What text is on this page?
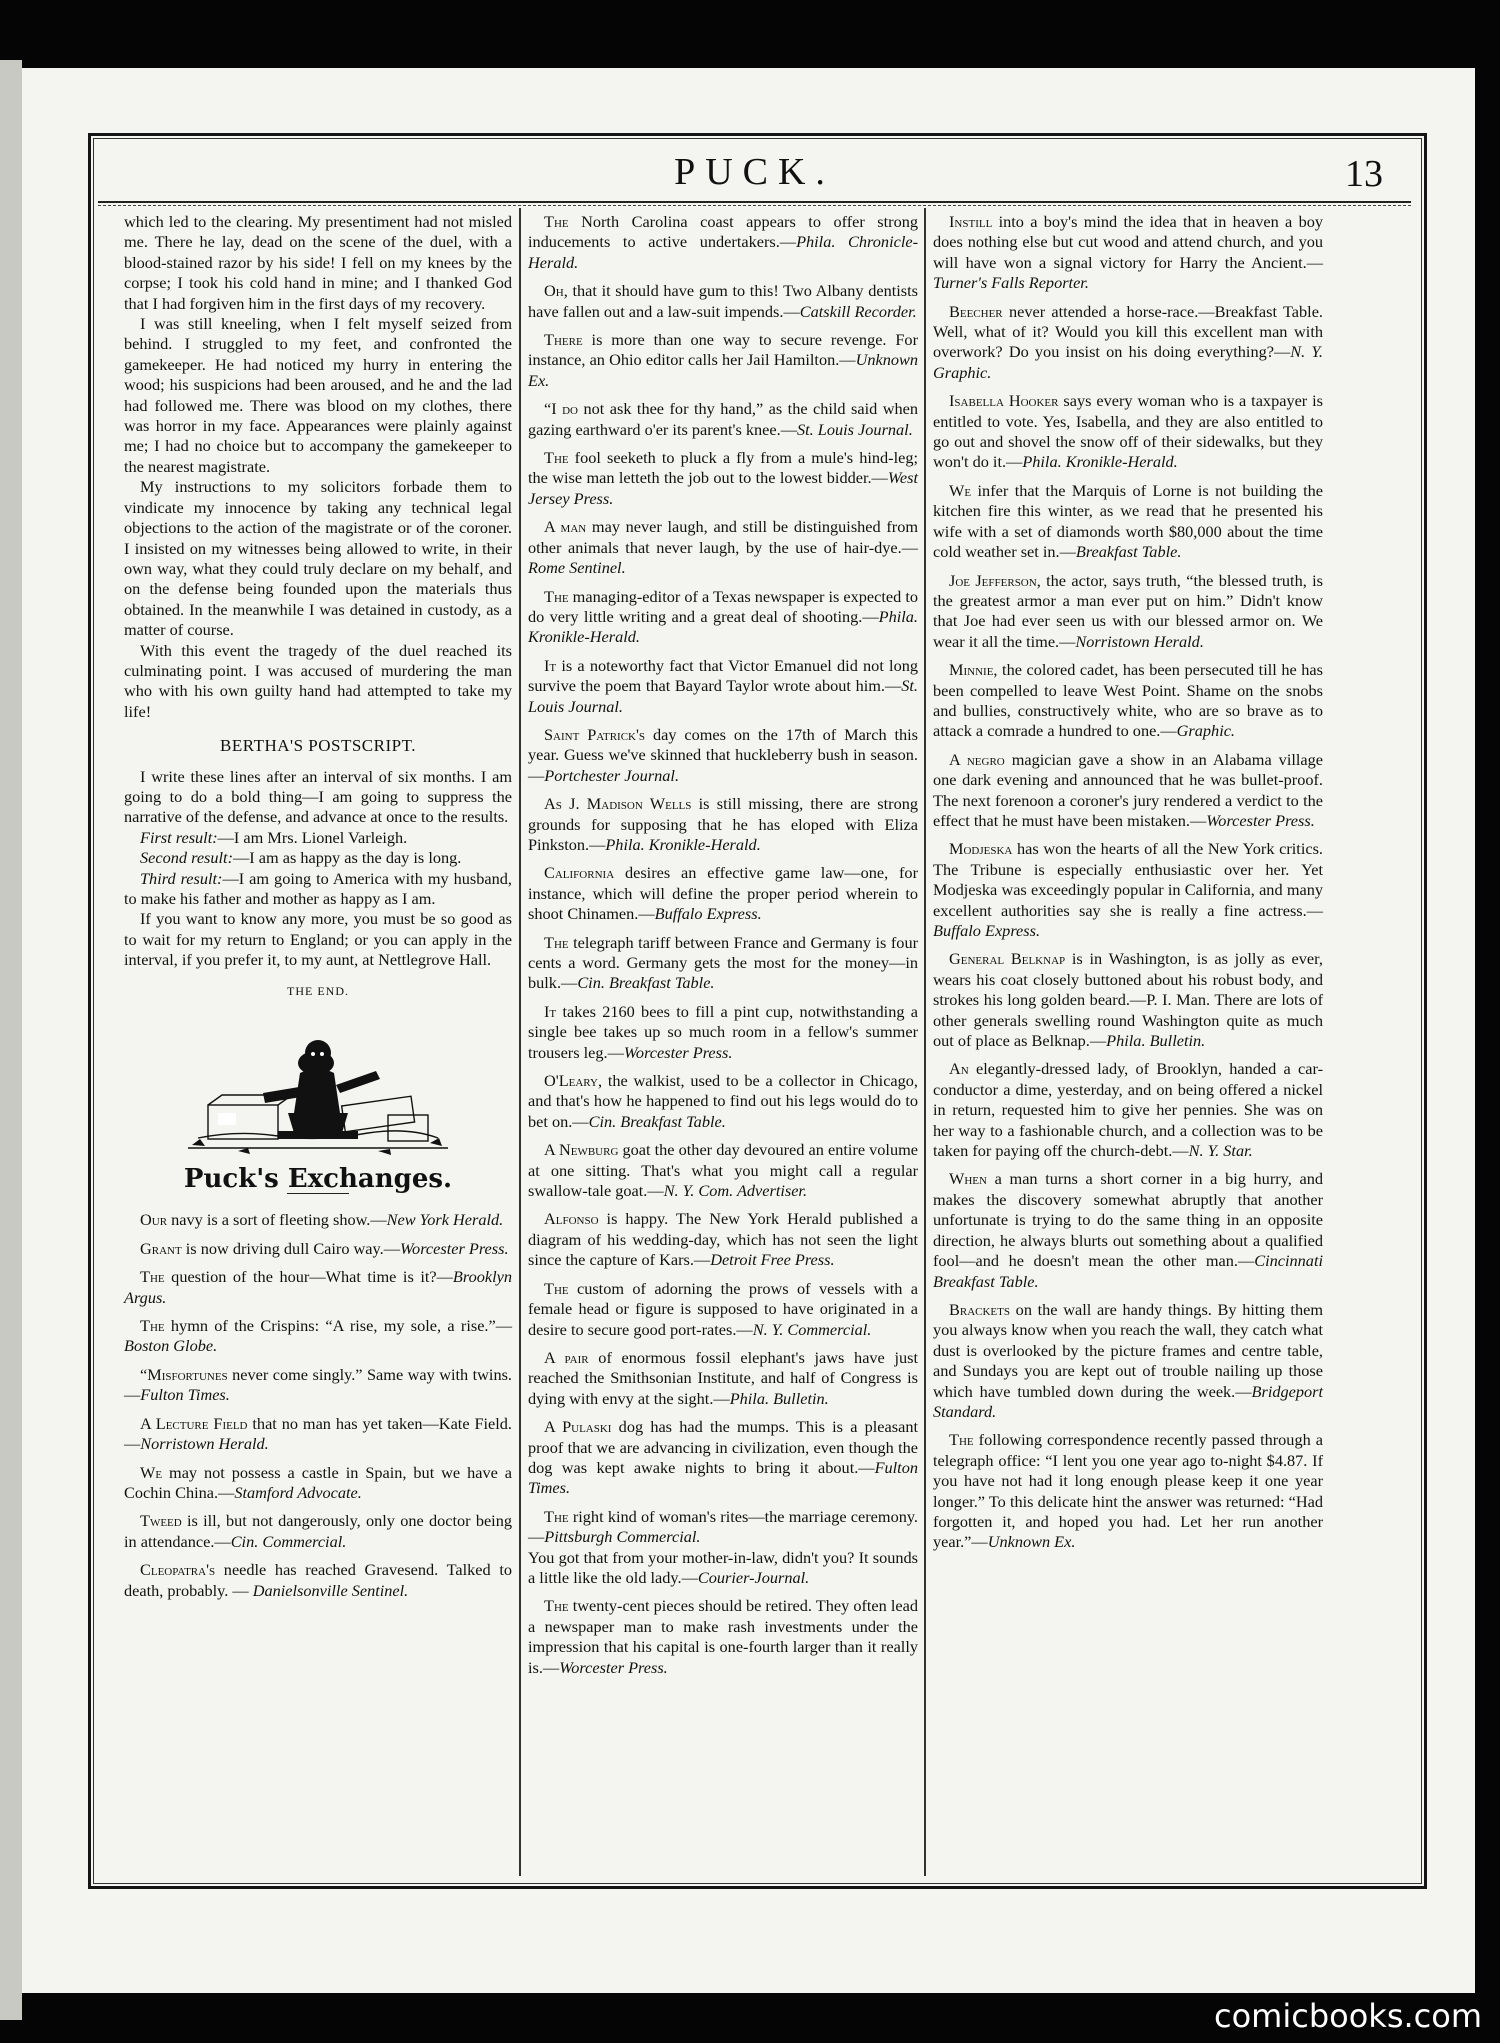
PUCK.	13

which led to the clearing. My presentiment had not misled me. There he lay, dead on the scene of the duel, with a blood-stained razor by his side! I fell on my knees by the corpse; I took his cold hand in mine; and I thanked God that I had forgiven him in the first days of my recovery.

I was still kneeling, when I felt myself seized from behind. I struggled to my feet, and confronted the gamekeeper. He had noticed my hurry in entering the wood; his suspicions had been aroused, and he and the lad had followed me. There was blood on my clothes, there was horror in my face. Appearances were plainly against me; I had no choice but to accompany the gamekeeper to the nearest magistrate.

My instructions to my solicitors forbade them to vindicate my innocence by taking any technical legal objections to the action of the magistrate or of the coroner. I insisted on my witnesses being allowed to write, in their own way, what they could truly declare on my behalf, and on the defense being founded upon the materials thus obtained. In the meanwhile I was detained in custody, as a matter of course.

With this event the tragedy of the duel reached its culminating point. I was accused of murdering the man who with his own guilty hand had attempted to take my life!

BERTHA'S POSTSCRIPT.

I write these lines after an interval of six months. I am going to do a bold thing—I am going to suppress the narrative of the defense, and advance at once to the results.

First result:—I am Mrs. Lionel Varleigh.

Second result:—I am as happy as the day is long.

Third result:—I am going to America with my husband, to make his father and mother as happy as I am.

If you want to know any more, you must be so good as to wait for my return to England; or you can apply in the interval, if you prefer it, to my aunt, at Nettlegrove Hall.

THE END.

Puck's Exchanges.

Our navy is a sort of fleeting show.—New York Herald.

Grant is now driving dull Cairo way.—Worcester Press.

The question of the hour—What time is it?—Brooklyn Argus.

The hymn of the Crispins: “A rise, my sole, a rise.”—Boston Globe.

“Misfortunes never come singly.” Same way with twins.—Fulton Times.

A Lecture Field that no man has yet taken—Kate Field.—Norristown Herald.

We may not possess a castle in Spain, but we have a Cochin China.—Stamford Advocate.

Tweed is ill, but not dangerously, only one doctor being in attendance.—Cin. Commercial.

Cleopatra's needle has reached Gravesend. Talked to death, probably. — Danielsonville Sentinel.

The North Carolina coast appears to offer strong inducements to active undertakers.—Phila. Chronicle-Herald.

Oh, that it should have gum to this! Two Albany dentists have fallen out and a law-suit impends.—Catskill Recorder.

There is more than one way to secure revenge. For instance, an Ohio editor calls her Jail Hamilton.—Unknown Ex.

“I do not ask thee for thy hand,” as the child said when gazing earthward o'er its parent's knee.—St. Louis Journal.

The fool seeketh to pluck a fly from a mule's hind-leg; the wise man letteth the job out to the lowest bidder.—West Jersey Press.

A man may never laugh, and still be distinguished from other animals that never laugh, by the use of hair-dye.—Rome Sentinel.

The managing-editor of a Texas newspaper is expected to do very little writing and a great deal of shooting.—Phila. Kronikle-Herald.

It is a noteworthy fact that Victor Emanuel did not long survive the poem that Bayard Taylor wrote about him.—St. Louis Journal.

Saint Patrick's day comes on the 17th of March this year. Guess we've skinned that huckleberry bush in season.—Portchester Journal.

As J. Madison Wells is still missing, there are strong grounds for supposing that he has eloped with Eliza Pinkston.—Phila. Kronikle-Herald.

California desires an effective game law—one, for instance, which will define the proper period wherein to shoot Chinamen.—Buffalo Express.

The telegraph tariff between France and Germany is four cents a word. Germany gets the most for the money—in bulk.—Cin. Breakfast Table.

It takes 2160 bees to fill a pint cup, notwithstanding a single bee takes up so much room in a fellow's summer trousers leg.—Worcester Press.

O'Leary, the walkist, used to be a collector in Chicago, and that's how he happened to find out his legs would do to bet on.—Cin. Breakfast Table.

A Newburg goat the other day devoured an entire volume at one sitting. That's what you might call a regular swallow-tale goat.—N. Y. Com. Advertiser.

Alfonso is happy. The New York Herald published a diagram of his wedding-day, which has not seen the light since the capture of Kars.—Detroit Free Press.

The custom of adorning the prows of vessels with a female head or figure is supposed to have originated in a desire to secure good port-rates.—N. Y. Commercial.

A pair of enormous fossil elephant's jaws have just reached the Smithsonian Institute, and half of Congress is dying with envy at the sight.—Phila. Bulletin.

A Pulaski dog has had the mumps. This is a pleasant proof that we are advancing in civilization, even though the dog was kept awake nights to bring it about.—Fulton Times.

The right kind of woman's rites—the marriage ceremony.—Pittsburgh Commercial.

You got that from your mother-in-law, didn't you? It sounds a little like the old lady.—Courier-Journal.

The twenty-cent pieces should be retired. They often lead a newspaper man to make rash investments under the impression that his capital is one-fourth larger than it really is.—Worcester Press.

Instill into a boy's mind the idea that in heaven a boy does nothing else but cut wood and attend church, and you will have won a signal victory for Harry the Ancient.—Turner's Falls Reporter.

Beecher never attended a horse-race.—Breakfast Table. Well, what of it? Would you kill this excellent man with overwork? Do you insist on his doing everything?—N. Y. Graphic.

Isabella Hooker says every woman who is a taxpayer is entitled to vote. Yes, Isabella, and they are also entitled to go out and shovel the snow off of their sidewalks, but they won't do it.—Phila. Kronikle-Herald.

We infer that the Marquis of Lorne is not building the kitchen fire this winter, as we read that he presented his wife with a set of diamonds worth $80,000 about the time cold weather set in.—Breakfast Table.

Joe Jefferson, the actor, says truth, “the blessed truth, is the greatest armor a man ever put on him.” Didn't know that Joe had ever seen us with our blessed armor on. We wear it all the time.—Norristown Herald.

Minnie, the colored cadet, has been persecuted till he has been compelled to leave West Point. Shame on the snobs and bullies, constructively white, who are so brave as to attack a comrade a hundred to one.—Graphic.

A negro magician gave a show in an Alabama village one dark evening and announced that he was bullet-proof. The next forenoon a coroner's jury rendered a verdict to the effect that he must have been mistaken.—Worcester Press.

Modjeska has won the hearts of all the New York critics. The Tribune is especially enthusiastic over her. Yet Modjeska was exceedingly popular in California, and many excellent authorities say she is really a fine actress.—Buffalo Express.

General Belknap is in Washington, is as jolly as ever, wears his coat closely buttoned about his robust body, and strokes his long golden beard.—P. I. Man. There are lots of other generals swelling round Washington quite as much out of place as Belknap.—Phila. Bulletin.

An elegantly-dressed lady, of Brooklyn, handed a car-conductor a dime, yesterday, and on being offered a nickel in return, requested him to give her pennies. She was on her way to a fashionable church, and a collection was to be taken for paying off the church-debt.—N. Y. Star.

When a man turns a short corner in a big hurry, and makes the discovery somewhat abruptly that another unfortunate is trying to do the same thing in an opposite direction, he always blurts out something about a qualified fool—and he doesn't mean the other man.—Cincinnati Breakfast Table.

Brackets on the wall are handy things. By hitting them you always know when you reach the wall, they catch what dust is overlooked by the picture frames and centre table, and Sundays you are kept out of trouble nailing up those which have tumbled down during the week.—Bridgeport Standard.

The following correspondence recently passed through a telegraph office: “I lent you one year ago to-night $4.87. If you have not had it long enough please keep it one year longer.” To this delicate hint the answer was returned: “Had forgotten it, and hoped you had. Let her run another year.”—Unknown Ex.

comicbooks.com
